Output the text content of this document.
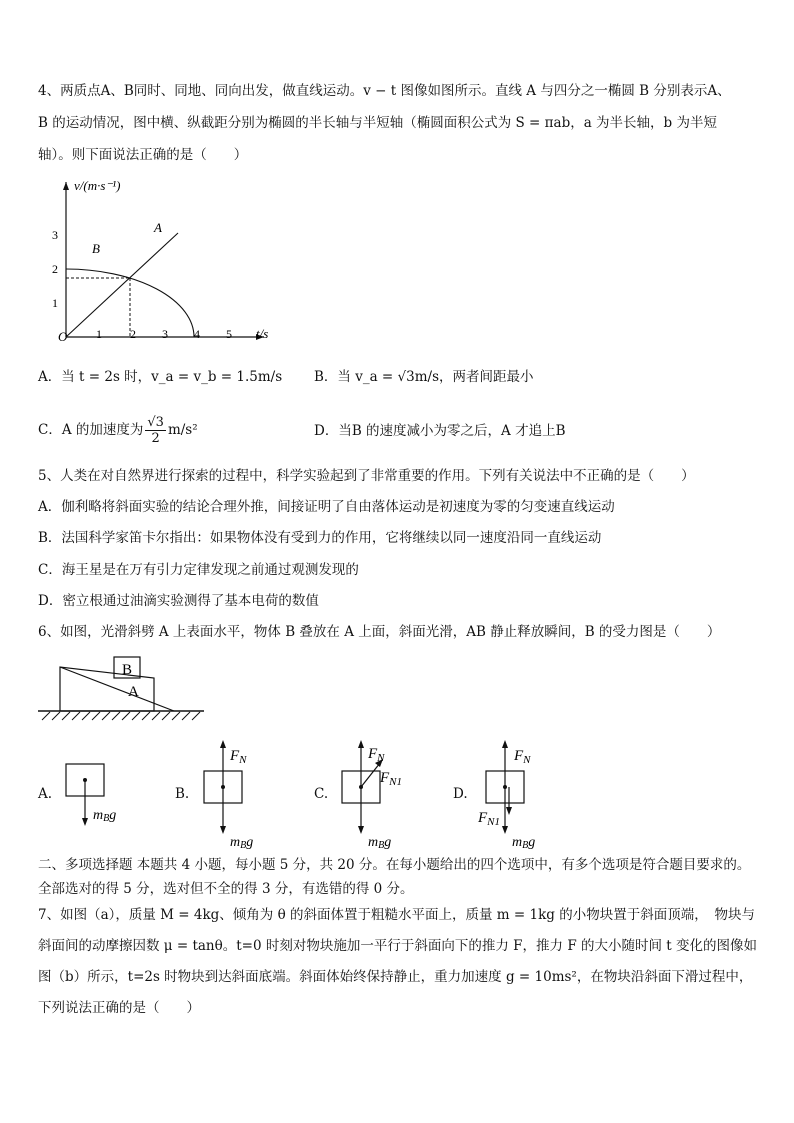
4、两质点A、B同时、同地、同向出发，做直线运动。v − t 图像如图所示。直线 A 与四分之一椭圆 B 分别表示A、
B 的运动情况，图中横、纵截距分别为椭圆的半长轴与半短轴（椭圆面积公式为 S = πab，a 为半长轴，b 为半短
轴）。则下面说法正确的是（　　）
v/(m·s⁻¹)
t/s
O 1 2 3 4 5
1
2
3	A
B
A．当 t = 2s 时，v_a = v_b = 1.5m/s B．当 v_a = √3m/s，两者间距最小
C．A 的加速度为 $\frac{√3}{2} m/s^2$	D．当B 的速度减小为零之后，A 才追上B
5、人类在对自然界进行探索的过程中，科学实验起到了非常重要的作用。下列有关说法中不正确的是（　　）
A．伽利略将斜面实验的结论合理外推，间接证明了自由落体运动是初速度为零的匀变速直线运动
B．法国科学家笛卡尔指出：如果物体没有受到力的作用，它将继续以同一速度沿同一直线运动
C．海王星是在万有引力定律发现之前通过观测发现的
D．密立根通过油滴实验测得了基本电荷的数值
6、如图，光滑斜劈 A 上表面水平，物体 B 叠放在 A 上面，斜面光滑，AB 静止释放瞬间，B 的受力图是（　　）
B
A
A.
mBg
B.
$F_N$
mBg
C.
$F_N$
$F_{N1}$
mBg
D.
$F_N$
$F_{N1}$
mBg
二、多项选择题 本题共 4 小题，每小题 5 分，共 20 分。在每小题给出的四个选项中，有多个选项是符合题目要求的。
全部选对的得 5 分，选对但不全的得 3 分，有选错的得 0 分。
7、如图（a），质量 M = 4kg、倾角为 θ 的斜面体置于粗糙水平面上，质量 m = 1kg 的小物块置于斜面顶端，　物块与
斜面间的动摩擦因数 μ = tanθ。t=0 时刻对物块施加一平行于斜面向下的推力 F，推力 F 的大小随时间 t 变化的图像如
图（b）所示，t=2s 时物块到达斜面底端。斜面体始终保持静止，重力加速度 g = 10ms²，在物块沿斜面下滑过程中，
下列说法正确的是（　　）
